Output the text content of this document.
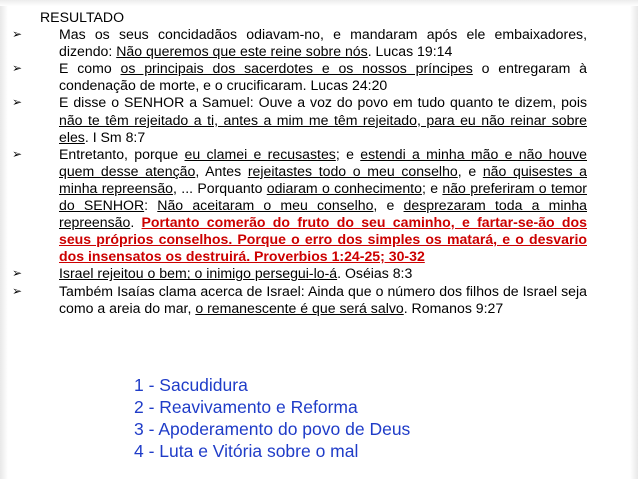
RESULTADO
➢	Mas os seus concidadãos odiavam-no, e mandaram após ele embaixadores, dizendo: Não queremos que este reine sobre nós. Lucas 19:14
➢	E como os principais dos sacerdotes e os nossos príncipes o entregaram à condenação de morte, e o crucificaram. Lucas 24:20
➢	E disse o SENHOR a Samuel: Ouve a voz do povo em tudo quanto te dizem, pois não te têm rejeitado a ti, antes a mim me têm rejeitado, para eu não reinar sobre eles. I Sm 8:7
➢	Entretanto, porque eu clamei e recusastes; e estendi a minha mão e não houve quem desse atenção, Antes rejeitastes todo o meu conselho, e não quisestes a minha repreensão, ... Porquanto odiaram o conhecimento; e não preferiram o temor do SENHOR: Não aceitaram o meu conselho, e desprezaram toda a minha repreensão. Portanto comerão do fruto do seu caminho, e fartar-se-ão dos seus próprios conselhos. Porque o erro dos simples os matará, e o desvario dos insensatos os destruirá. Proverbios 1:24-25; 30-32
➢	Israel rejeitou o bem; o inimigo persegui-lo-á. Oséias 8:3
➢	Também Isaías clama acerca de Israel: Ainda que o número dos filhos de Israel seja como a areia do mar, o remanescente é que será salvo. Romanos 9:27
1 - Sacudidura
2 - Reavivamento e Reforma
3 - Apoderamento do povo de Deus
4 - Luta e Vitória sobre o mal
